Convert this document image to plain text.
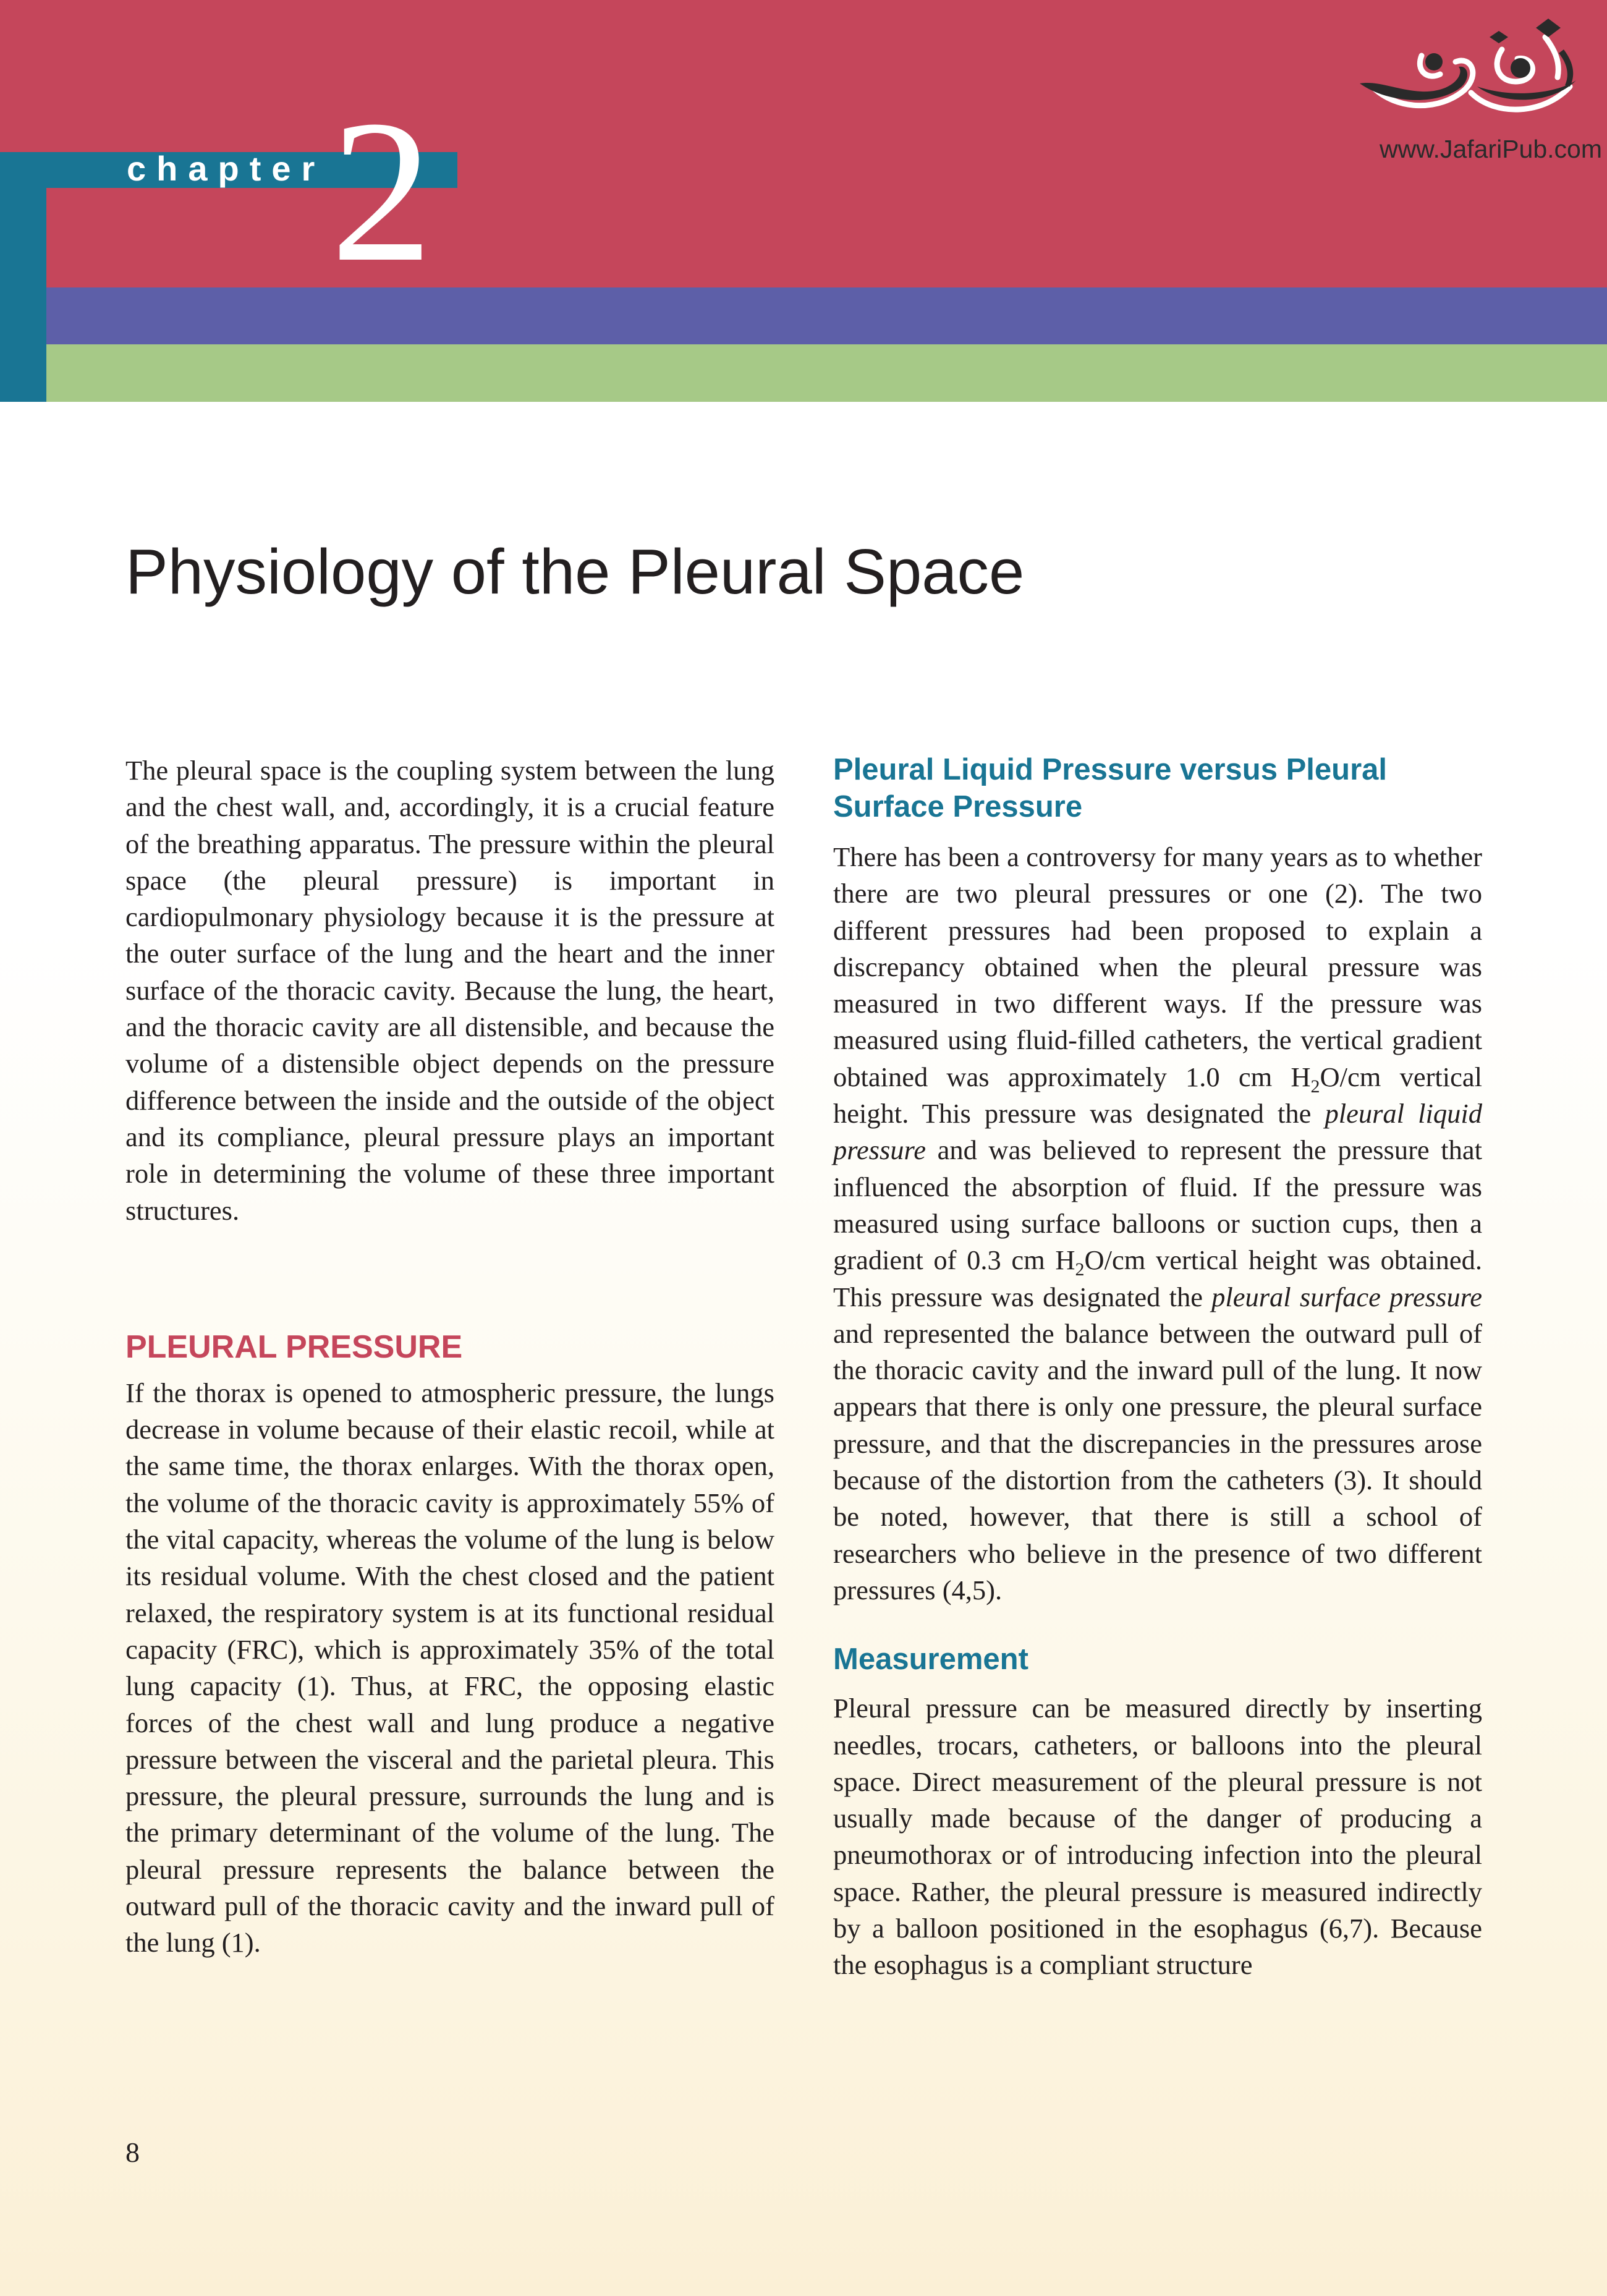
chapter 2	www.JafariPub.com
Physiology of the Pleural Space

The pleural space is the coupling system between the lung and the chest wall, and, accordingly, it is a crucial feature of the breathing apparatus. The pressure within the pleural space (the pleural pressure) is important in cardiopulmonary physiology because it is the pressure at the outer surface of the lung and the heart and the inner surface of the thoracic cavity. Because the lung, the heart, and the thoracic cavity are all distensible, and because the volume of a distensible object depends on the pressure difference between the inside and the outside of the object and its compliance, pleural pressure plays an important role in determining the volume of these three important structures.

PLEURAL PRESSURE

If the thorax is opened to atmospheric pressure, the lungs decrease in volume because of their elastic recoil, while at the same time, the thorax enlarges. With the thorax open, the volume of the thoracic cavity is approximately 55% of the vital capacity, whereas the volume of the lung is below its residual volume. With the chest closed and the patient relaxed, the respiratory system is at its functional residual capacity (FRC), which is approximately 35% of the total lung capacity (1). Thus, at FRC, the opposing elastic forces of the chest wall and lung produce a negative pressure between the visceral and the parietal pleura. This pressure, the pleural pressure, surrounds the lung and is the primary determinant of the volume of the lung. The pleural pressure represents the balance between the outward pull of the thoracic cavity and the inward pull of the lung (1).

Pleural Liquid Pressure versus Pleural Surface Pressure

There has been a controversy for many years as to whether there are two pleural pressures or one (2). The two different pressures had been proposed to explain a discrepancy obtained when the pleural pressure was measured in two different ways. If the pressure was measured using fluid-filled catheters, the vertical gradient obtained was approximately 1.0 cm $H_2O/cm$ vertical height. This pressure was designated the pleural liquid pressure and was believed to represent the pressure that influenced the absorption of fluid. If the pressure was measured using surface balloons or suction cups, then a gradient of 0.3 cm $H_2O/cm$ vertical height was obtained. This pressure was designated the pleural surface pressure and represented the balance between the outward pull of the thoracic cavity and the inward pull of the lung. It now appears that there is only one pressure, the pleural surface pressure, and that the discrepancies in the pressures arose because of the distortion from the catheters (3). It should be noted, however, that there is still a school of researchers who believe in the presence of two different pressures (4,5).

Measurement

Pleural pressure can be measured directly by inserting needles, trocars, catheters, or balloons into the pleural space. Direct measurement of the pleural pressure is not usually made because of the danger of producing a pneumothorax or of introducing infection into the pleural space. Rather, the pleural pressure is measured indirectly by a balloon positioned in the esophagus (6,7). Because the esophagus is a compliant structure

8
